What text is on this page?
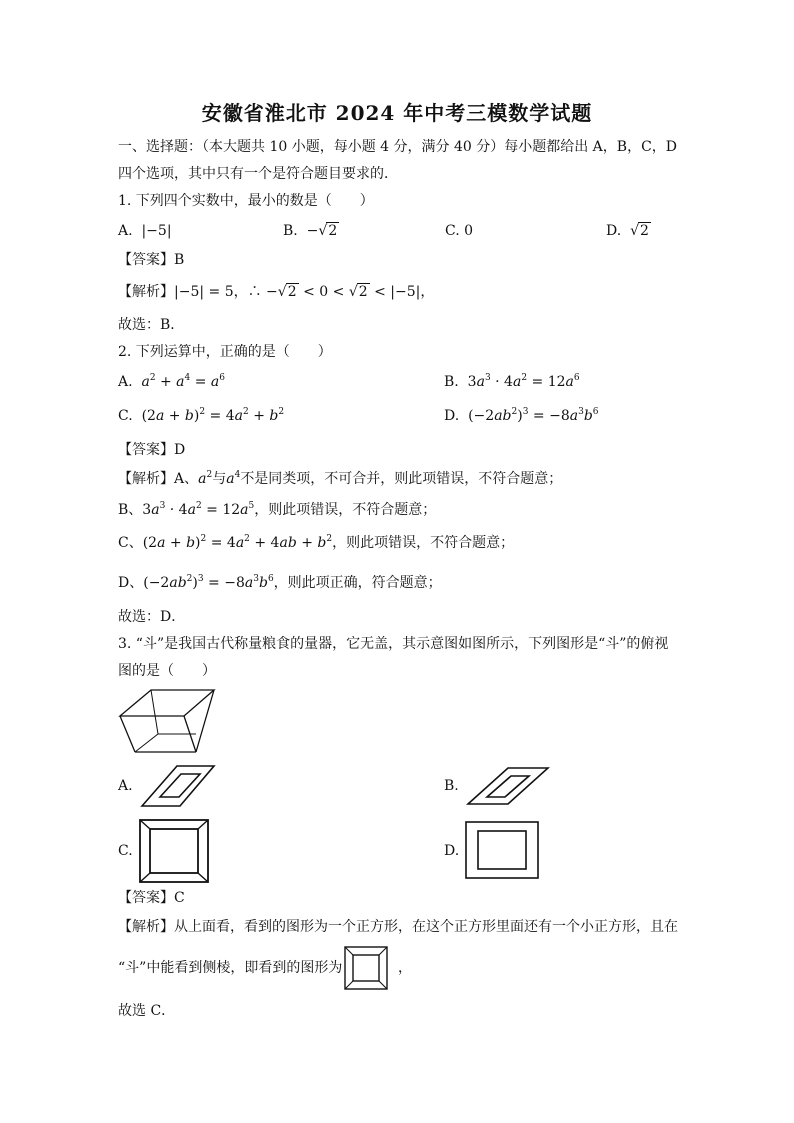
安徽省淮北市 2024 年中考三模数学试题
一、选择题：（本大题共 10 小题，每小题 4 分，满分 40 分）每小题都给出 A，B，C，D
四个选项，其中只有一个是符合题目要求的．
1. 下列四个实数中，最小的数是（　　）
A.  |−5|	B.  −√2	C. 0	D. √2
【答案】B
【解析】|−5| = 5，∴ −√2 < 0 < √2 < |−5|，
故选：B．
2. 下列运算中，正确的是（　　）
A.  $a^2 + a^4 = a^6$	B. $3a^3 \cdot 4a^2 = 12a^6$
C. $(2a + b)^2 = 4a^2 + b^2$	D. $(-2ab^2)^3 = -8a^3b^6$
【答案】D
【解析】A、$a^2$与$a^4$不是同类项，不可合并，则此项错误，不符合题意；
B、$3a^3 \cdot 4a^2 = 12a^5$，则此项错误，不符合题意；
C、$(2a + b)^2 = 4a^2 + 4ab + b^2$，则此项错误，不符合题意；
D、$(-2ab^2)^3 = -8a^3b^6$，则此项正确，符合题意；
故选：D．
3. “斗”是我国古代称量粮食的量器，它无盖，其示意图如图所示，下列图形是“斗”的俯视
图的是（　　）
A.	B.
C.	D.
【答案】C
【解析】从上面看，看到的图形为一个正方形，在这个正方形里面还有一个小正方形，且在
“斗”中能看到侧棱，即看到的图形为	，
故选 C．
